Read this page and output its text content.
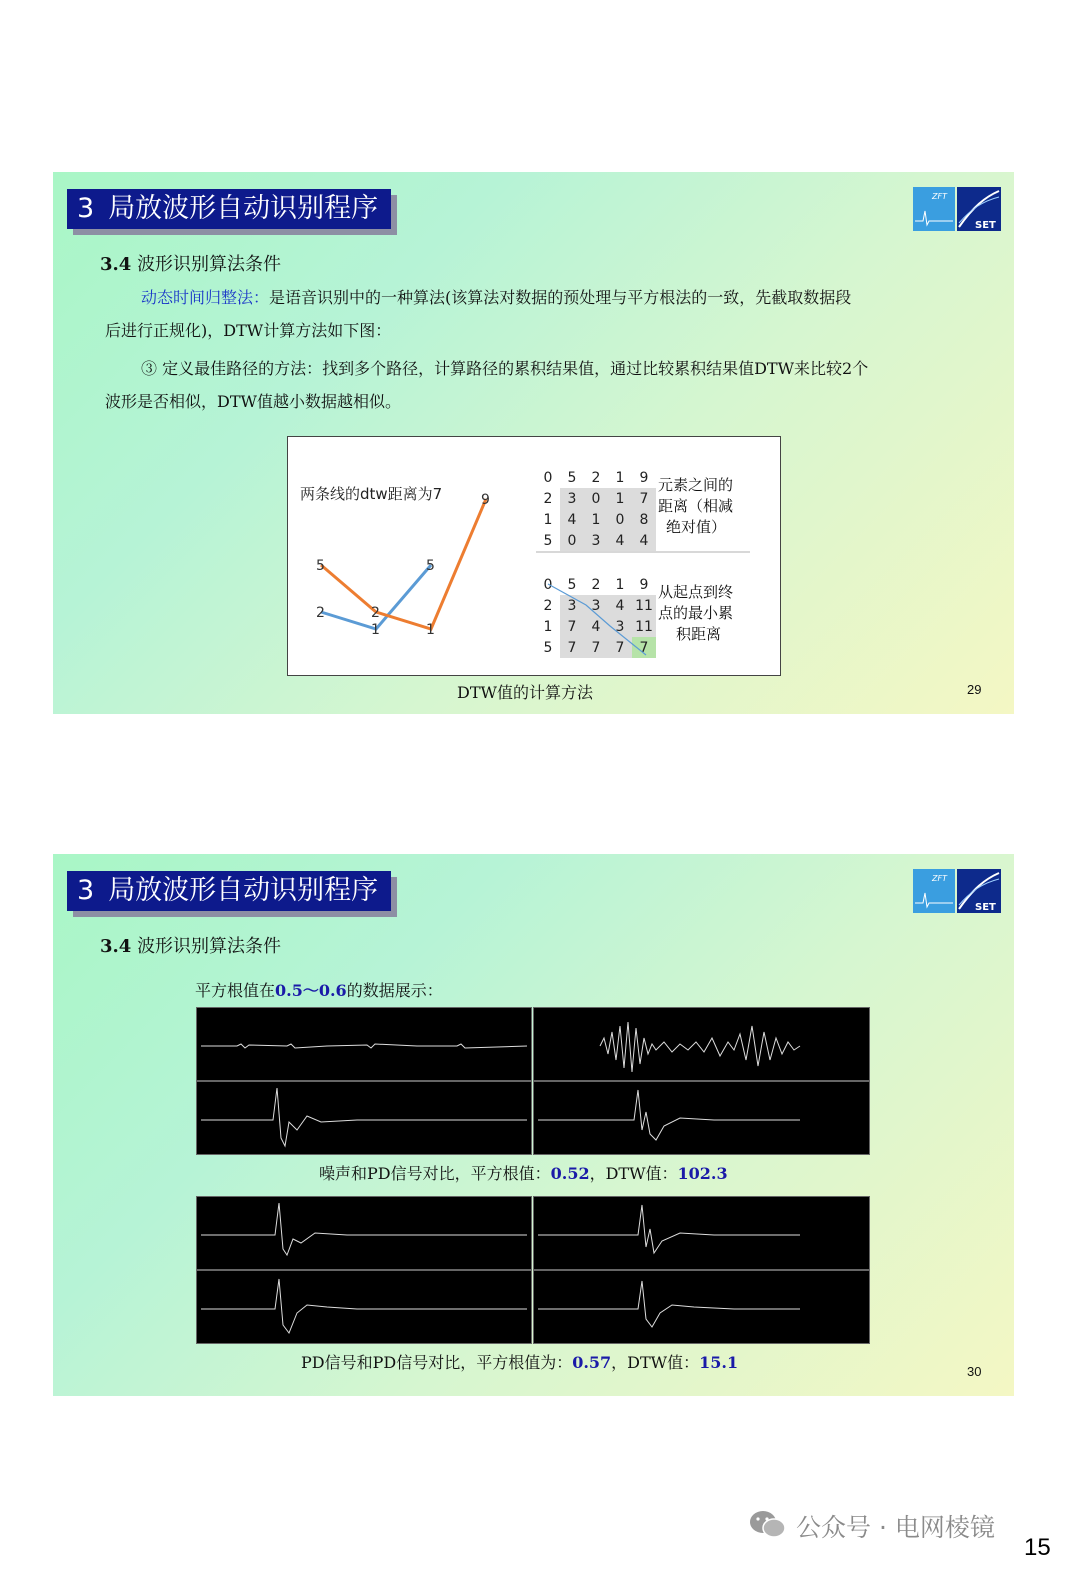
3 局放波形自动识别程序	ZFT
SET
3.4 波形识别算法条件
动态时间归整法：是语音识别中的一种算法(该算法对数据的预处理与平方根法的一致，先截取数据段
后进行正规化)，DTW计算方法如下图：
③ 定义最佳路径的方法：找到多个路径，计算路径的累积结果值，通过比较累积结果值DTW来比较2个
波形是否相似，DTW值越小数据越相似。
两条线的dtw距离为7
2
1
5
5
2
1
9
0	5	2	1	9
2	3	0	1	7
1	4	1	0	8
5	0	3	4	4
元素之间的
距离（相减
绝对值）
0	5	2	1	9
2	3	3	4	11
1	7	4	3	11
5	7	7	7	7
从起点到终
点的最小累
积距离
DTW值的计算方法	29
3 局放波形自动识别程序	ZFT
SET
3.4 波形识别算法条件
平方根值在0.5～0.6的数据展示：
噪声和PD信号对比，平方根值：0.52，DTW值：102.3
PD信号和PD信号对比，平方根值为：0.57，DTW值：15.1	30
公众号 · 电网棱镜
15
